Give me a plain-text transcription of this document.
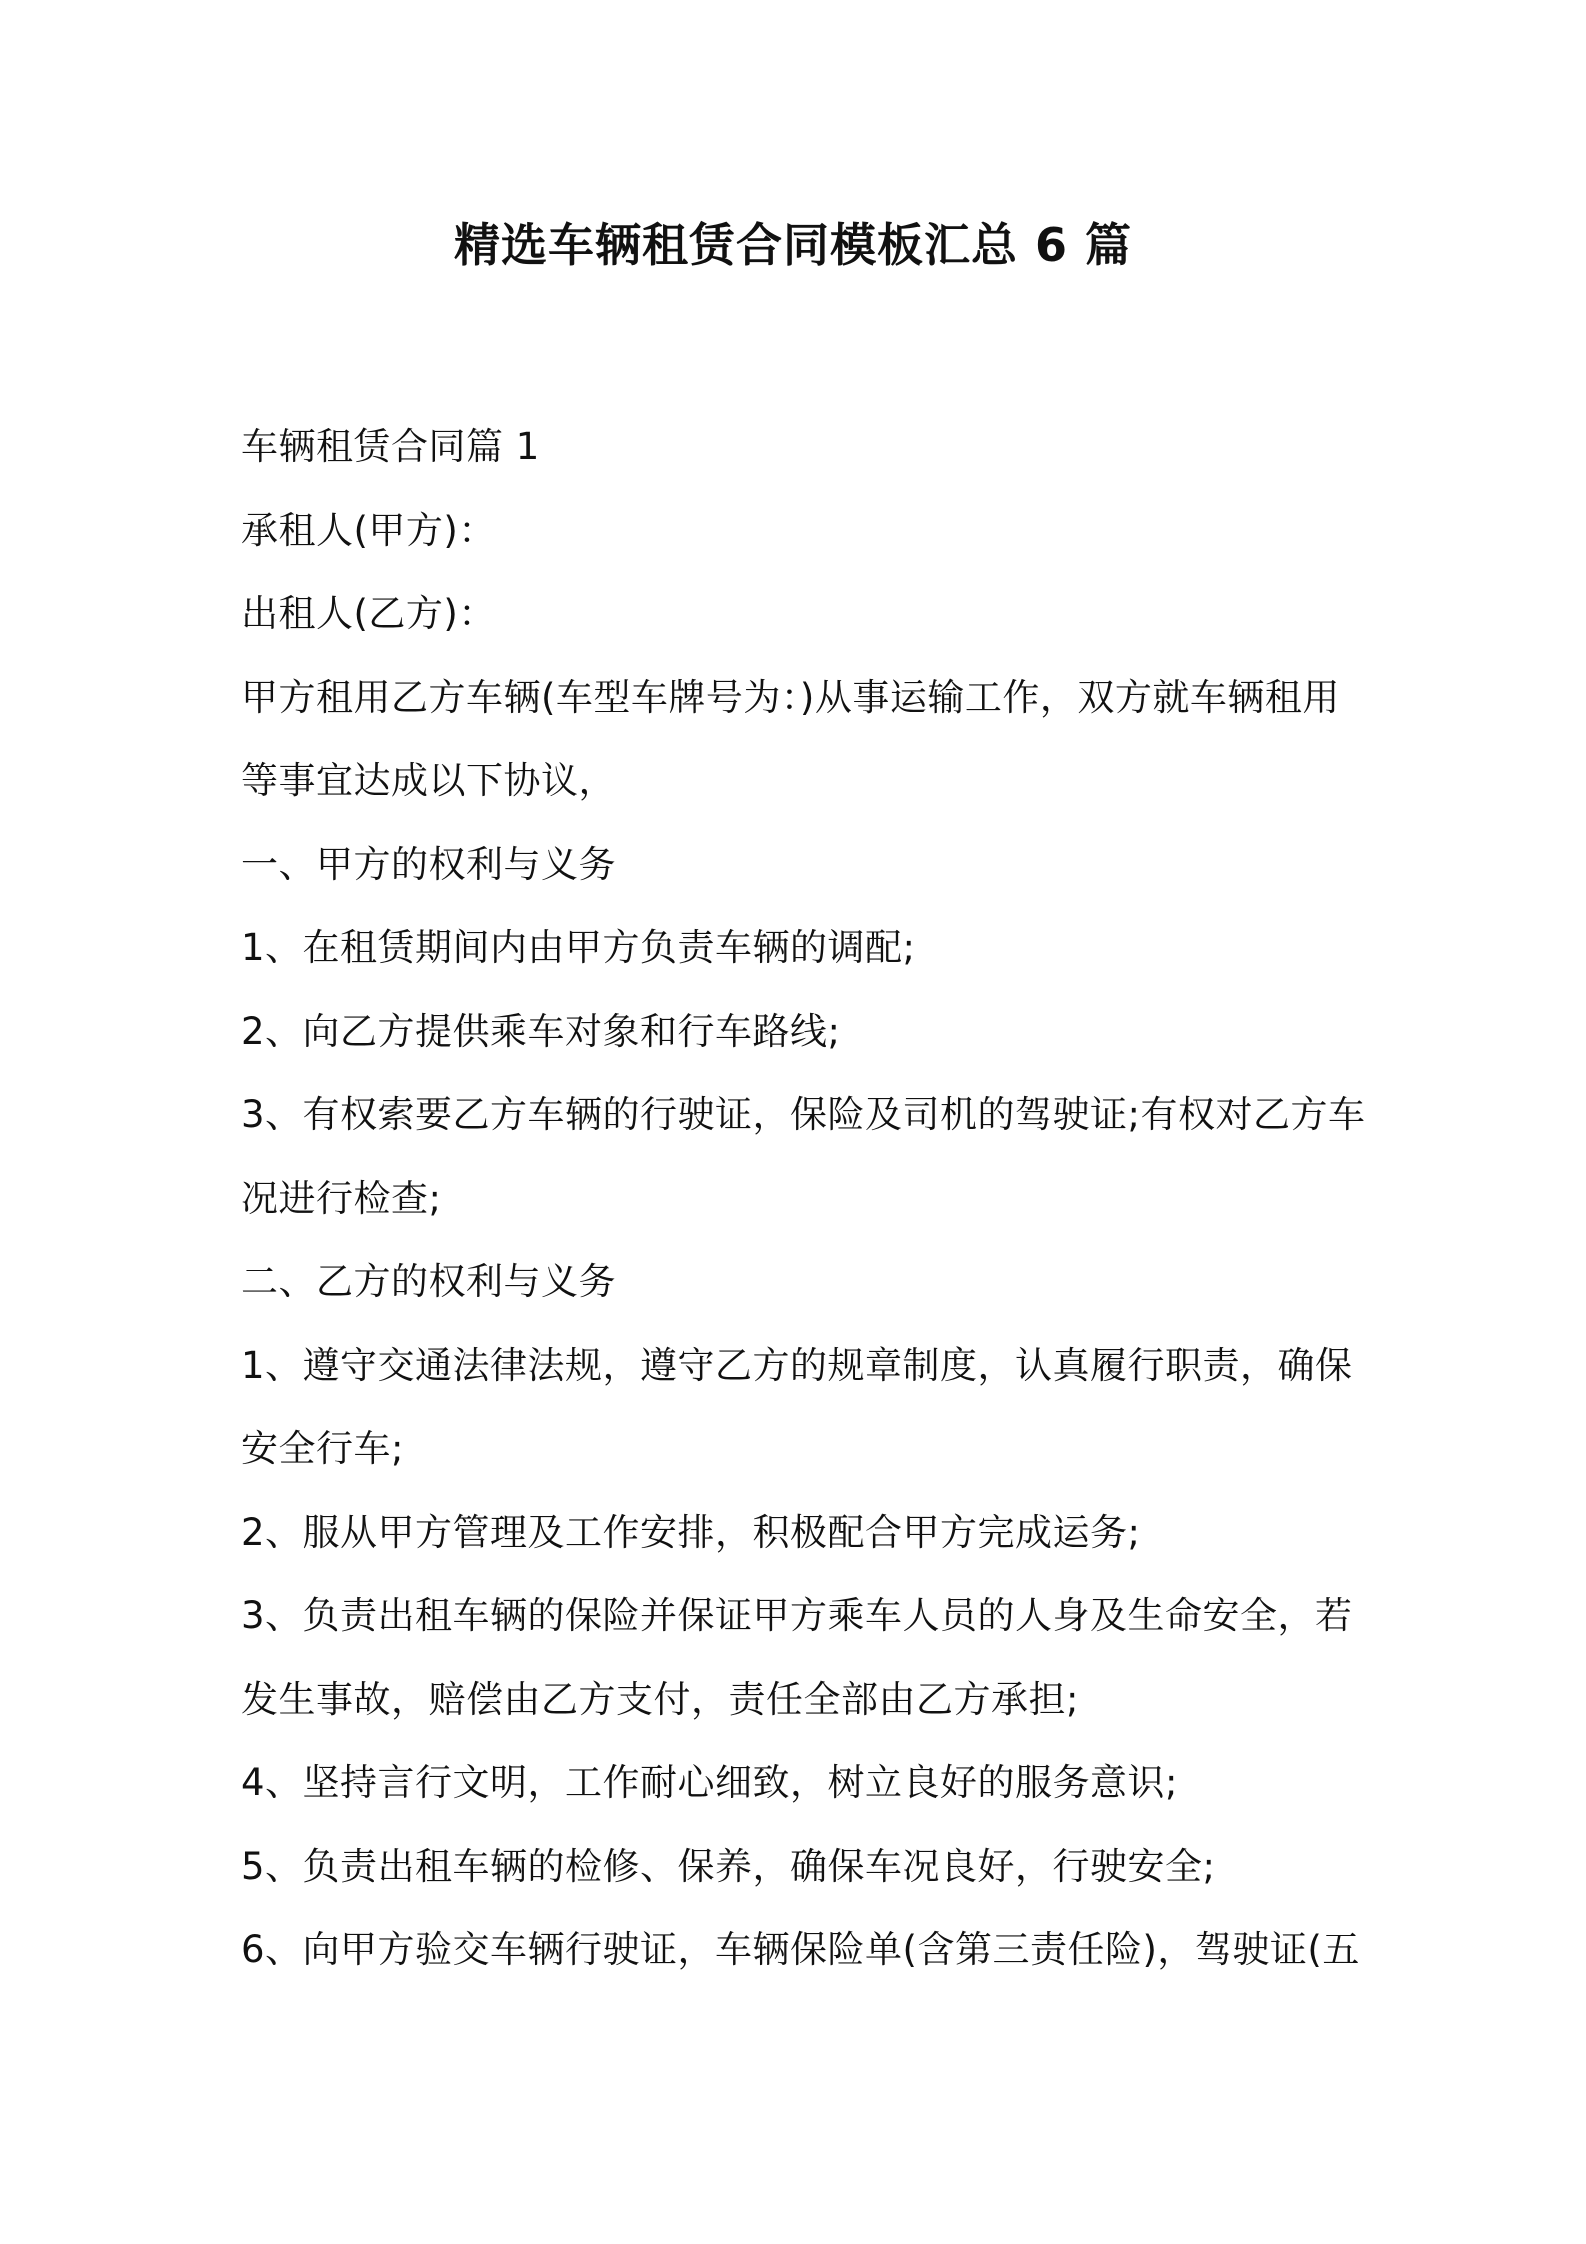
精选车辆租赁合同模板汇总 6 篇

车辆租赁合同篇 1

承租人(甲方)：

出租人(乙方)：

甲方租用乙方车辆(车型车牌号为：)从事运输工作，双方就车辆租用

等事宜达成以下协议，

一、甲方的权利与义务

1、在租赁期间内由甲方负责车辆的调配;

2、向乙方提供乘车对象和行车路线;

3、有权索要乙方车辆的行驶证，保险及司机的驾驶证;有权对乙方车

况进行检查;

二、乙方的权利与义务

1、遵守交通法律法规，遵守乙方的规章制度，认真履行职责，确保

安全行车;

2、服从甲方管理及工作安排，积极配合甲方完成运务;

3、负责出租车辆的保险并保证甲方乘车人员的人身及生命安全，若

发生事故，赔偿由乙方支付，责任全部由乙方承担;

4、坚持言行文明，工作耐心细致，树立良好的服务意识;

5、负责出租车辆的检修、保养，确保车况良好，行驶安全;

6、向甲方验交车辆行驶证，车辆保险单(含第三责任险)，驾驶证(五
